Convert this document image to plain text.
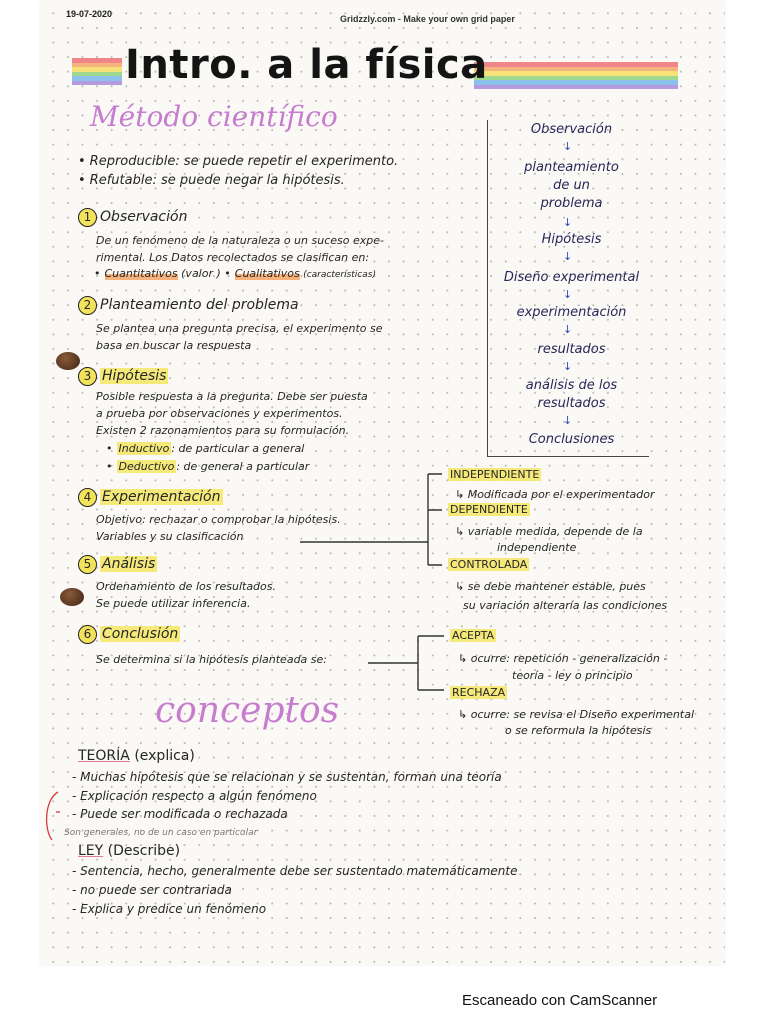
19-07-2020	Gridzzly.com - Make your own grid paper
Intro. a la física
Método científico
• Reproducible: se puede repetir el experimento.
• Refutable: se puede negar la hipótesis.
1 Observación
De un fenómeno de la naturaleza o un suceso expe-
rimental. Los Datos recolectados se clasifican en:
• Cuantitativos (valor ) • Cualitativos (características)
2 Planteamiento del problema
Se plantea una pregunta precisa, el experimento se
basa en buscar la respuesta
3 Hipótesis
Posible respuesta a la pregunta. Debe ser puesta
a prueba por observaciones y experimentos.
Existen 2 razonamientos para su formulación.
• Inductivo : de particular a general
• Deductivo : de general a particular
4 Experimentación
Objetivo: rechazar o comprobar la hipótesis.
Variables y su clasificación
5 Análisis
Ordenamiento de los resultados.
Se puede utilizar inferencia.
6 Conclusión
Se determina si la hipótesis planteada se:
INDEPENDIENTE
↳ Modificada por el experimentador
DEPENDIENTE
↳ variable medida, depende de la
independiente
CONTROLADA
↳ se debe mantener estable, pues
su variación alteraría las condiciones
ACEPTA
↳ ocurre: repetición - generalización -
teoría - ley o principio
RECHAZA
↳ ocurre: se revisa el Diseño experimental
o se reformula la hipótesis
Observación
↓
planteamiento
de un
problema
↓
Hipótesis
↓
Diseño experimental
↓
experimentación
↓
resultados
↓
análisis de los
resultados
↓
Conclusiones
conceptos
TEORÍA (explica)
- Muchas hipótesis que se relacionan y se sustentan, forman una teoría
- Explicación respecto a algún fenómeno
- Puede ser modificada o rechazada
Son generales, no de un caso en particular
LEY (Describe)
- Sentencia, hecho, generalmente debe ser sustentado matemáticamente
- no puede ser contrariada
- Explica y predice un fenómeno
Escaneado con CamScanner
